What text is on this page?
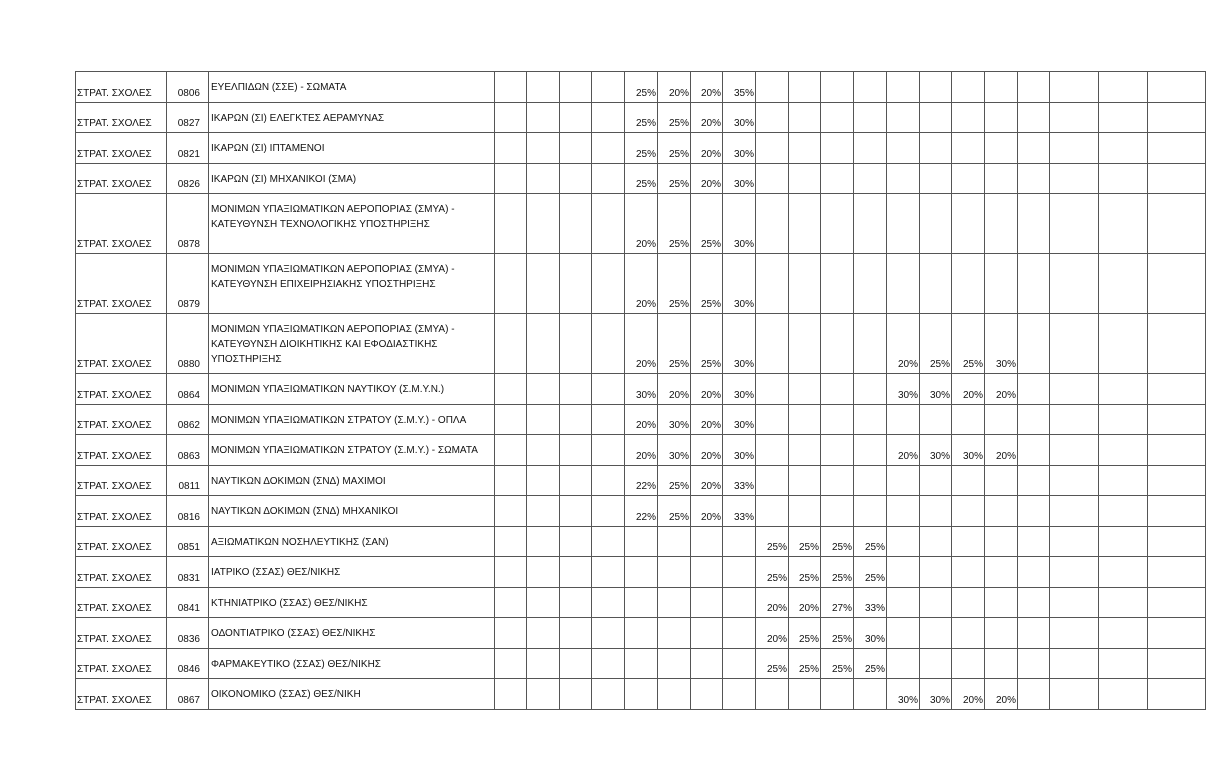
ΣΤΡΑΤ. ΣΧΟΛΕΣ	0806	ΕΥΕΛΠΙΔΩΝ (ΣΣΕ) - ΣΩΜΑΤΑ					25%	20%	20%	35%												
ΣΤΡΑΤ. ΣΧΟΛΕΣ	0827	ΙΚΑΡΩΝ (ΣΙ) ΕΛΕΓΚΤΕΣ ΑΕΡΑΜΥΝΑΣ					25%	25%	20%	30%												
ΣΤΡΑΤ. ΣΧΟΛΕΣ	0821	ΙΚΑΡΩΝ (ΣΙ) ΙΠΤΑΜΕΝΟΙ					25%	25%	20%	30%												
ΣΤΡΑΤ. ΣΧΟΛΕΣ	0826	ΙΚΑΡΩΝ (ΣΙ) ΜΗΧΑΝΙΚΟΙ (ΣΜΑ)					25%	25%	20%	30%												
ΣΤΡΑΤ. ΣΧΟΛΕΣ	0878	ΜΟΝΙΜΩΝ ΥΠΑΞΙΩΜΑΤΙΚΩΝ ΑΕΡΟΠΟΡΙΑΣ (ΣΜΥΑ) -
ΚΑΤΕΥΘΥΝΣΗ ΤΕΧΝΟΛΟΓΙΚΗΣ ΥΠΟΣΤΗΡΙΞΗΣ					20%	25%	25%	30%												
ΣΤΡΑΤ. ΣΧΟΛΕΣ	0879	ΜΟΝΙΜΩΝ ΥΠΑΞΙΩΜΑΤΙΚΩΝ ΑΕΡΟΠΟΡΙΑΣ (ΣΜΥΑ) -
ΚΑΤΕΥΘΥΝΣΗ ΕΠΙΧΕΙΡΗΣΙΑΚΗΣ ΥΠΟΣΤΗΡΙΞΗΣ					20%	25%	25%	30%												
ΣΤΡΑΤ. ΣΧΟΛΕΣ	0880	ΜΟΝΙΜΩΝ ΥΠΑΞΙΩΜΑΤΙΚΩΝ ΑΕΡΟΠΟΡΙΑΣ (ΣΜΥΑ) -
ΚΑΤΕΥΘΥΝΣΗ ΔΙΟΙΚΗΤΙΚΗΣ ΚΑΙ ΕΦΟΔΙΑΣΤΙΚΗΣ ΥΠΟΣΤΗΡΙΞΗΣ					20%	25%	25%	30%					20%	25%	25%	30%				
ΣΤΡΑΤ. ΣΧΟΛΕΣ	0864	ΜΟΝΙΜΩΝ ΥΠΑΞΙΩΜΑΤΙΚΩΝ ΝΑΥΤΙΚΟΥ (Σ.Μ.Υ.Ν.)					30%	20%	20%	30%					30%	30%	20%	20%				
ΣΤΡΑΤ. ΣΧΟΛΕΣ	0862	ΜΟΝΙΜΩΝ ΥΠΑΞΙΩΜΑΤΙΚΩΝ ΣΤΡΑΤΟΥ (Σ.Μ.Υ.) - ΟΠΛΑ					20%	30%	20%	30%												
ΣΤΡΑΤ. ΣΧΟΛΕΣ	0863	ΜΟΝΙΜΩΝ ΥΠΑΞΙΩΜΑΤΙΚΩΝ ΣΤΡΑΤΟΥ (Σ.Μ.Υ.) - ΣΩΜΑΤΑ					20%	30%	20%	30%					20%	30%	30%	20%				
ΣΤΡΑΤ. ΣΧΟΛΕΣ	0811	ΝΑΥΤΙΚΩΝ ΔΟΚΙΜΩΝ (ΣΝΔ) ΜΑΧΙΜΟΙ					22%	25%	20%	33%												
ΣΤΡΑΤ. ΣΧΟΛΕΣ	0816	ΝΑΥΤΙΚΩΝ ΔΟΚΙΜΩΝ (ΣΝΔ) ΜΗΧΑΝΙΚΟΙ					22%	25%	20%	33%												
ΣΤΡΑΤ. ΣΧΟΛΕΣ	0851	ΑΞΙΩΜΑΤΙΚΩΝ ΝΟΣΗΛΕΥΤΙΚΗΣ (ΣΑΝ)									25%	25%	25%	25%								
ΣΤΡΑΤ. ΣΧΟΛΕΣ	0831	ΙΑΤΡΙΚΟ (ΣΣΑΣ) ΘΕΣ/ΝΙΚΗΣ									25%	25%	25%	25%								
ΣΤΡΑΤ. ΣΧΟΛΕΣ	0841	ΚΤΗΝΙΑΤΡΙΚΟ (ΣΣΑΣ) ΘΕΣ/ΝΙΚΗΣ									20%	20%	27%	33%								
ΣΤΡΑΤ. ΣΧΟΛΕΣ	0836	ΟΔΟΝΤΙΑΤΡΙΚΟ (ΣΣΑΣ) ΘΕΣ/ΝΙΚΗΣ									20%	25%	25%	30%								
ΣΤΡΑΤ. ΣΧΟΛΕΣ	0846	ΦΑΡΜΑΚΕΥΤΙΚΟ (ΣΣΑΣ) ΘΕΣ/ΝΙΚΗΣ									25%	25%	25%	25%								
ΣΤΡΑΤ. ΣΧΟΛΕΣ	0867	ΟΙΚΟΝΟΜΙΚΟ (ΣΣΑΣ) ΘΕΣ/ΝΙΚΗ													30%	30%	20%	20%				
